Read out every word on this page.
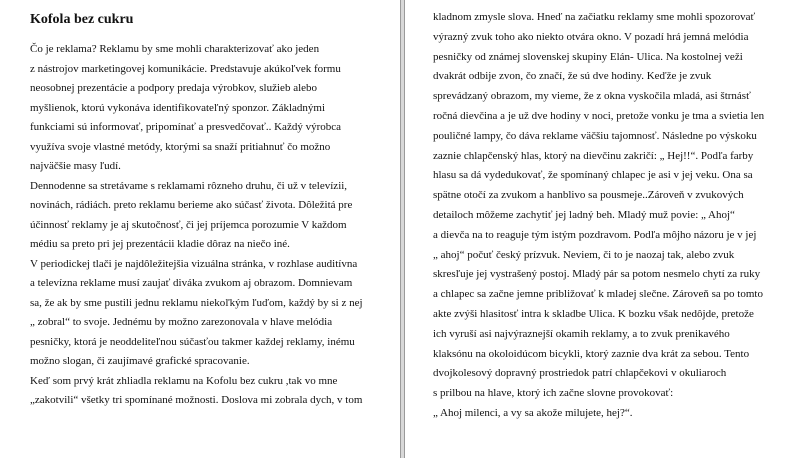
Kofola bez cukru
Čo je reklama? Reklamu by sme mohli charakterizovať ako jeden
z nástrojov marketingovej komunikácie. Predstavuje akúkoľvek formu
neosobnej prezentácie a podpory predaja výrobkov, služieb alebo
myšlienok, ktorú vykonáva identifikovateľný sponzor. Základnými
funkciami sú informovať, pripomínať a presvedčovať.. Každý výrobca
využíva svoje vlastné metódy, ktorými sa snaží pritiahnuť čo možno
najväčšie masy ľudí.
Dennodenne sa stretávame s reklamami rôzneho druhu, či už v televízii,
novinách, rádiách. preto reklamu berieme ako súčasť života. Dôležitá pre
účinnosť reklamy je aj skutočnosť, či jej príjemca porozumie V každom
médiu sa preto pri jej prezentácii kladie dôraz na niečo iné.
V periodickej tlači je najdôležitejšia vizuálna stránka, v rozhlase auditívna
a televízna reklame musí zaujať diváka zvukom aj obrazom. Domnievam
sa, že ak by sme pustili jednu reklamu niekoľkým ľuďom, každý by si z nej
„ zobral“ to svoje. Jednému by možno zarezonovala v hlave melódia
pesničky, ktorá je neoddeliteľnou súčasťou takmer každej reklamy, inému
možno slogan, či zaujímavé grafické spracovanie.
Keď som prvý krát zhliadla reklamu na Kofolu bez cukru ,tak vo mne
„zakotvili“ všetky tri spomínané možnosti. Doslova mi zobrala dych, v tom
kladnom zmysle slova. Hneď na začiatku reklamy sme mohli spozorovať
výrazný zvuk toho ako niekto otvára okno. V pozadí hrá jemná melódia
pesničky od známej slovenskej skupiny Elán- Ulica. Na kostolnej veži
dvakrát odbije zvon, čo značí, že sú dve hodiny. Keďže je zvuk
sprevádzaný obrazom, my vieme, že z okna vyskočila mladá, asi štrnásť
ročná dievčina a je už dve hodiny v noci, pretože vonku je tma a svietia len
pouličné lampy, čo dáva reklame väčšiu tajomnosť. Následne po výskoku
zaznie chlapčenský hlas, ktorý na dievčinu zakričí: „ Hej!!“. Podľa farby
hlasu sa dá vydedukovať, že spomínaný chlapec je asi v jej veku. Ona sa
spätne otočí za zvukom a hanblivo sa pousmeje..Zároveň v zvukových
detailoch môžeme zachytiť jej ladný beh. Mladý muž povie: „ Ahoj“
a dievča na to reaguje tým istým pozdravom. Podľa môjho názoru je v jej
„ ahoj“ počuť český prízvuk. Neviem, či to je naozaj tak, alebo zvuk
skresľuje jej vystrašený postoj. Mladý pár sa potom nesmelo chytí za ruky
a chlapec sa začne jemne približovať k mladej slečne. Zároveň sa po tomto
akte zvýši hlasitosť intra k skladbe Ulica. K bozku však nedôjde, pretože
ich vyruší asi najvýraznejší okamih reklamy, a to zvuk prenikavého
klaksónu na okoloidúcom bicykli, ktorý zaznie dva krát za sebou. Tento
dvojkolesový dopravný prostriedok patrí chlapčekovi v okuliaroch
s prilbou na hlave, ktorý ich začne slovne provokovať:
„ Ahoj milenci, a vy sa akože milujete, hej?“.
